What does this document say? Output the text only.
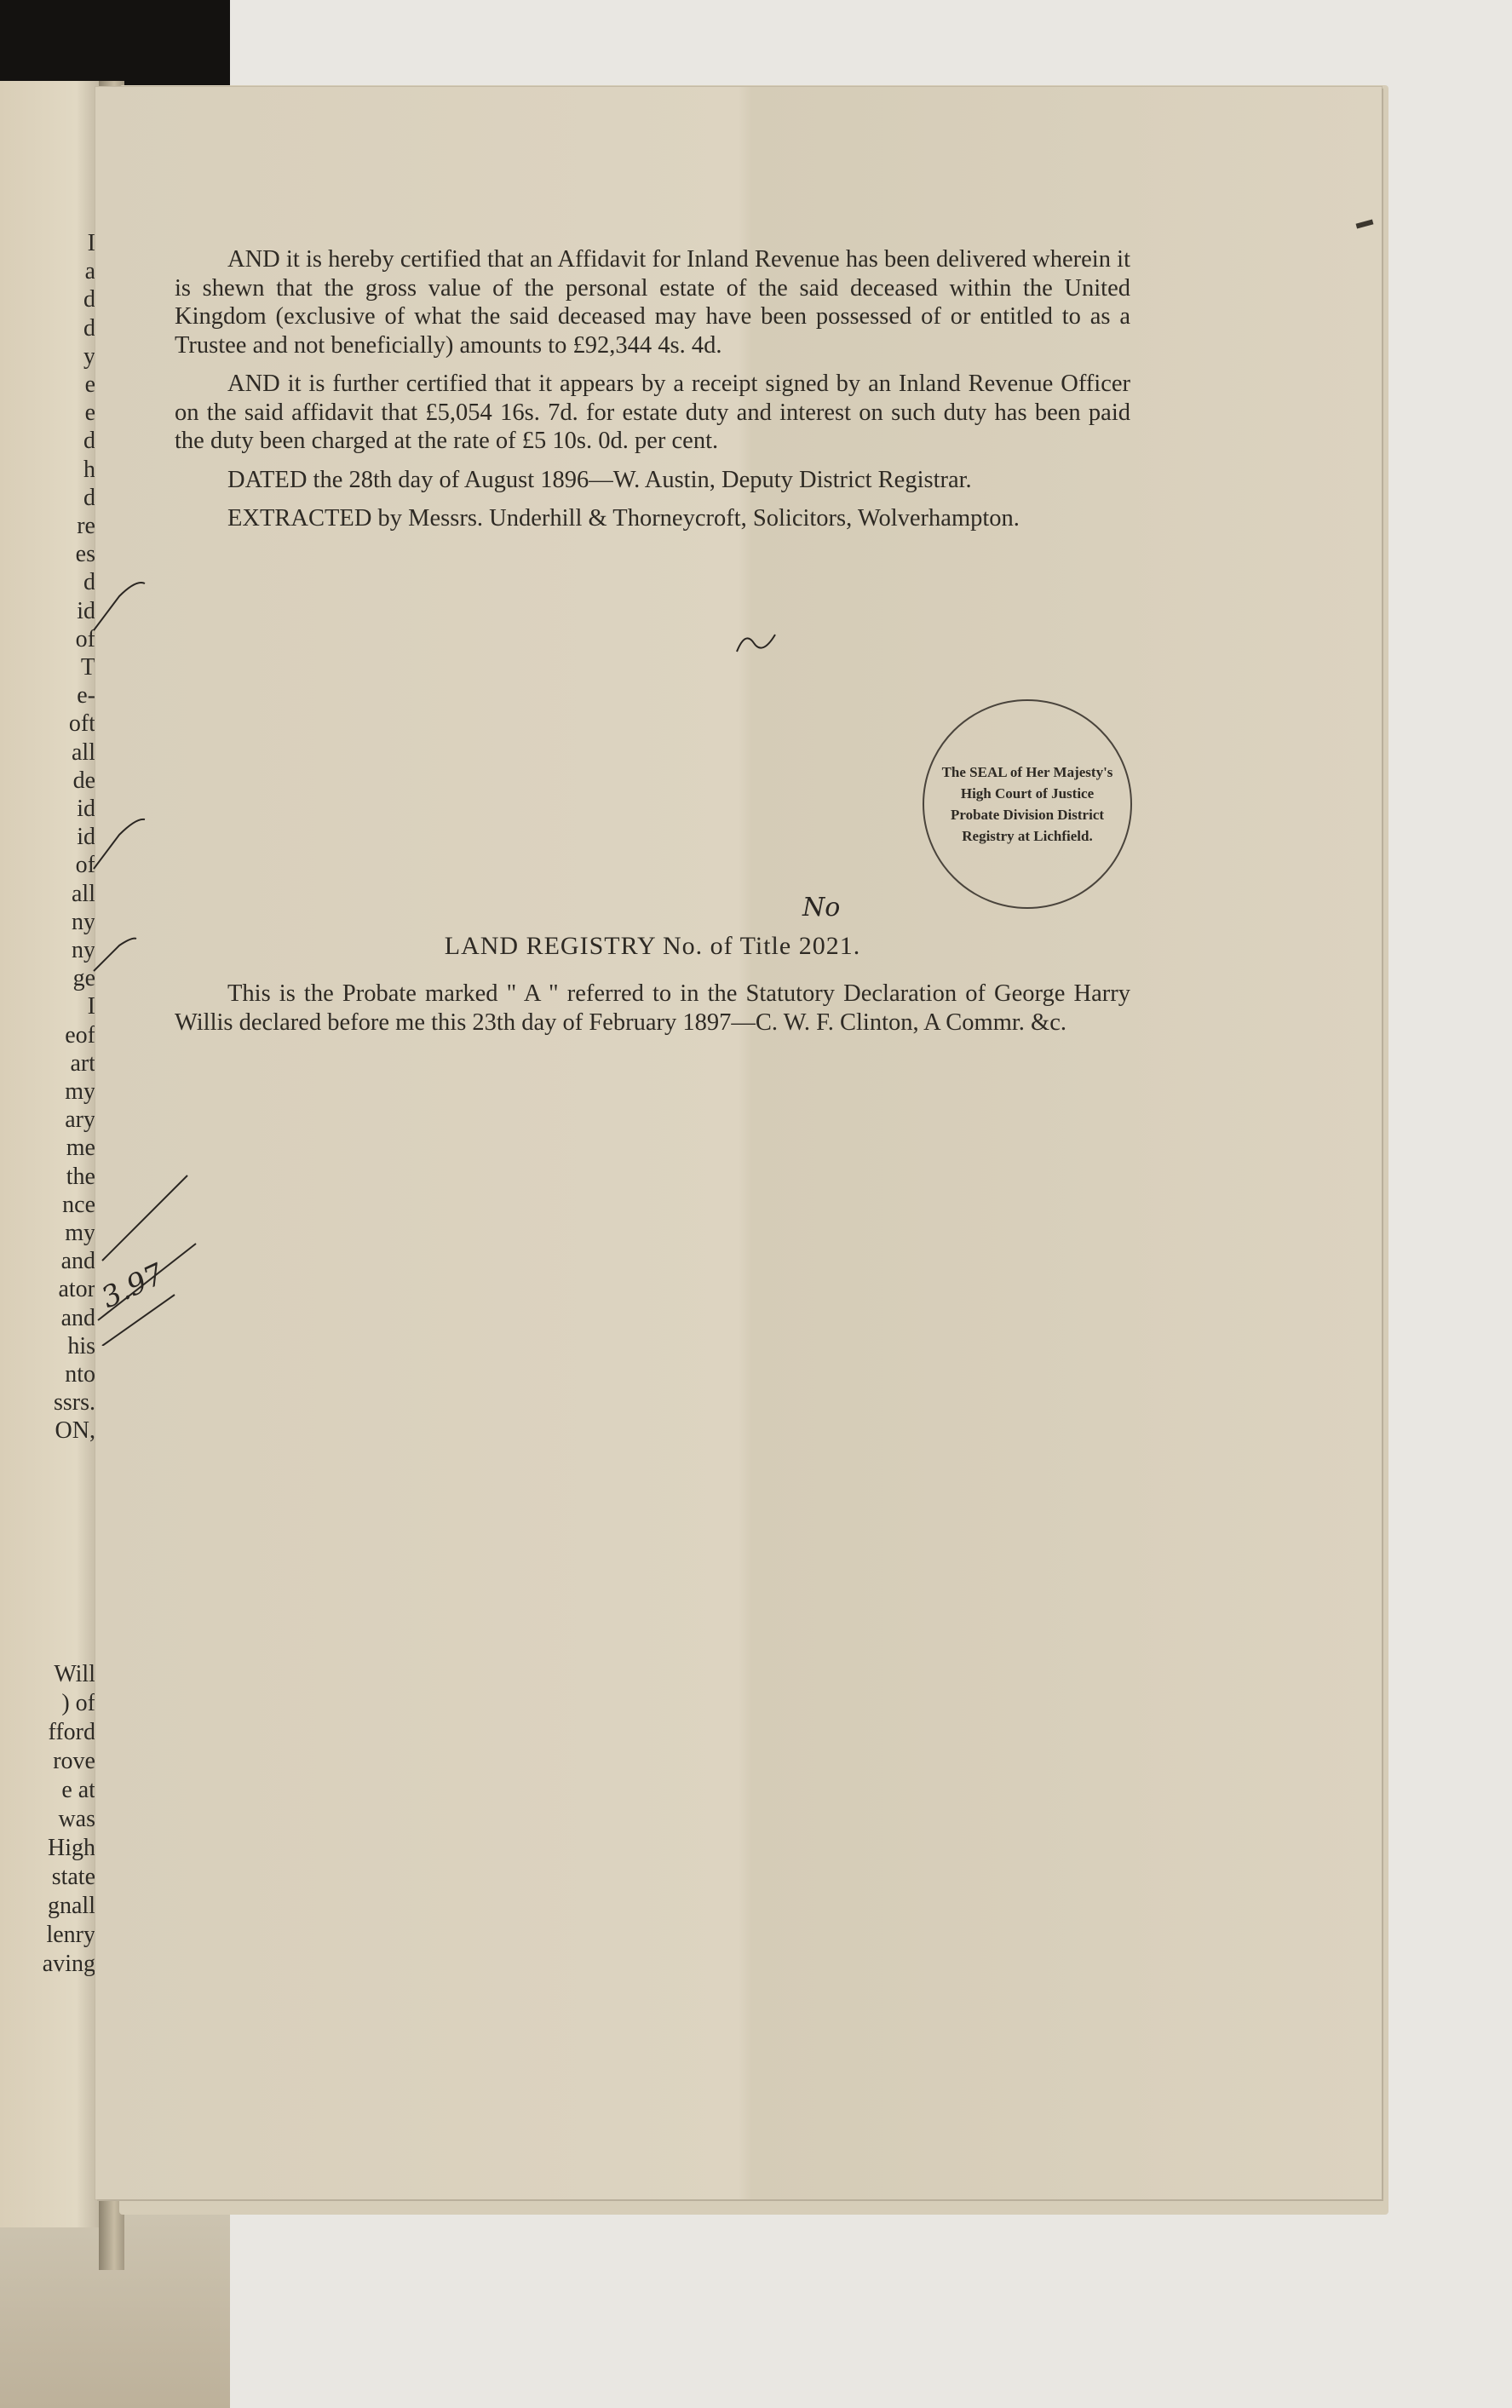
I
a
d
d
y
e
e
d
h
d
re
es
d
id
of
T
e-
oft
all
de
id
id
of
all
ny
ny
ge
I
eof
art
my
ary
me
the
nce
my
and
ator
and
his
nto
ssrs.
ON,
Will
) of
fford
rove
e at
was
High
state
gnall
lenry
aving

AND it is hereby certified that an Affidavit for Inland Revenue has been delivered wherein it is shewn that the gross value of the personal estate of the said deceased within the United Kingdom (exclusive of what the said deceased may have been possessed of or entitled to as a Trustee and not beneficially) amounts to £92,344 4s. 4d.

AND it is further certified that it appears by a receipt signed by an Inland Revenue Officer on the said affidavit that £5,054 16s. 7d. for estate duty and interest on such duty has been paid the duty been charged at the rate of £5 10s. 0d. per cent.

DATED the 28th day of August 1896—W. Austin, Deputy District Registrar.

EXTRACTED by Messrs. Underhill & Thorneycroft, Solicitors, Wolverhampton.

The SEAL of Her Majesty's High Court of Justice Probate Division District Registry at Lichfield.
LAND REGISTRY No. of Title 2021.

This is the Probate marked " A " referred to in the Statutory Declaration of George Harry Willis declared before me this 23th day of February 1897—C. W. F. Clinton, A Commr. &c.

No
3.97
